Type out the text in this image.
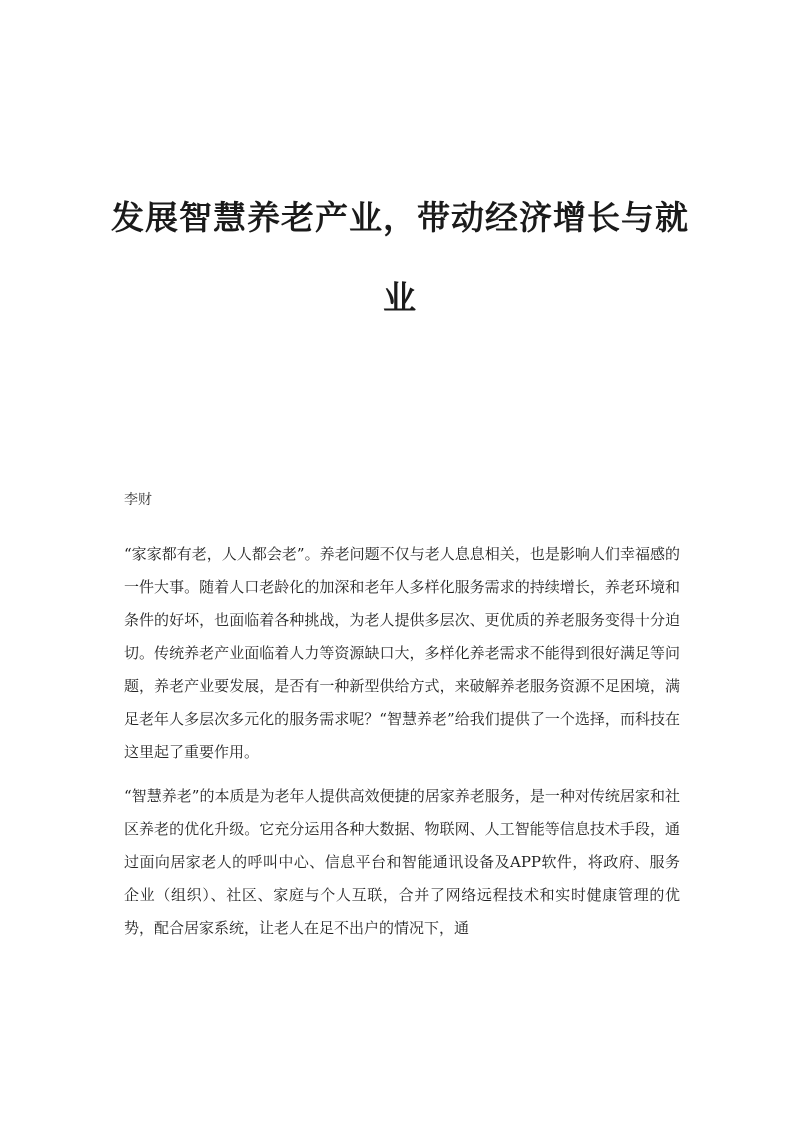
发展智慧养老产业，带动经济增长与就业

李财

“家家都有老，人人都会老”。养老问题不仅与老人息息相关，也是影响人们幸福感的一件大事。随着人口老龄化的加深和老年人多样化服务需求的持续增长，养老环境和条件的好坏，也面临着各种挑战，为老人提供多层次、更优质的养老服务变得十分迫切。传统养老产业面临着人力等资源缺口大，多样化养老需求不能得到很好满足等问题，养老产业要发展，是否有一种新型供给方式，来破解养老服务资源不足困境，满足老年人多层次多元化的服务需求呢？“智慧养老”给我们提供了一个选择，而科技在这里起了重要作用。

“智慧养老”的本质是为老年人提供高效便捷的居家养老服务，是一种对传统居家和社区养老的优化升级。它充分运用各种大数据、物联网、人工智能等信息技术手段，通过面向居家老人的呼叫中心、信息平台和智能通讯设备及APP软件，将政府、服务企业（组织）、社区、家庭与个人互联，合并了网络远程技术和实时健康管理的优势，配合居家系统，让老人在足不出户的情况下，通
